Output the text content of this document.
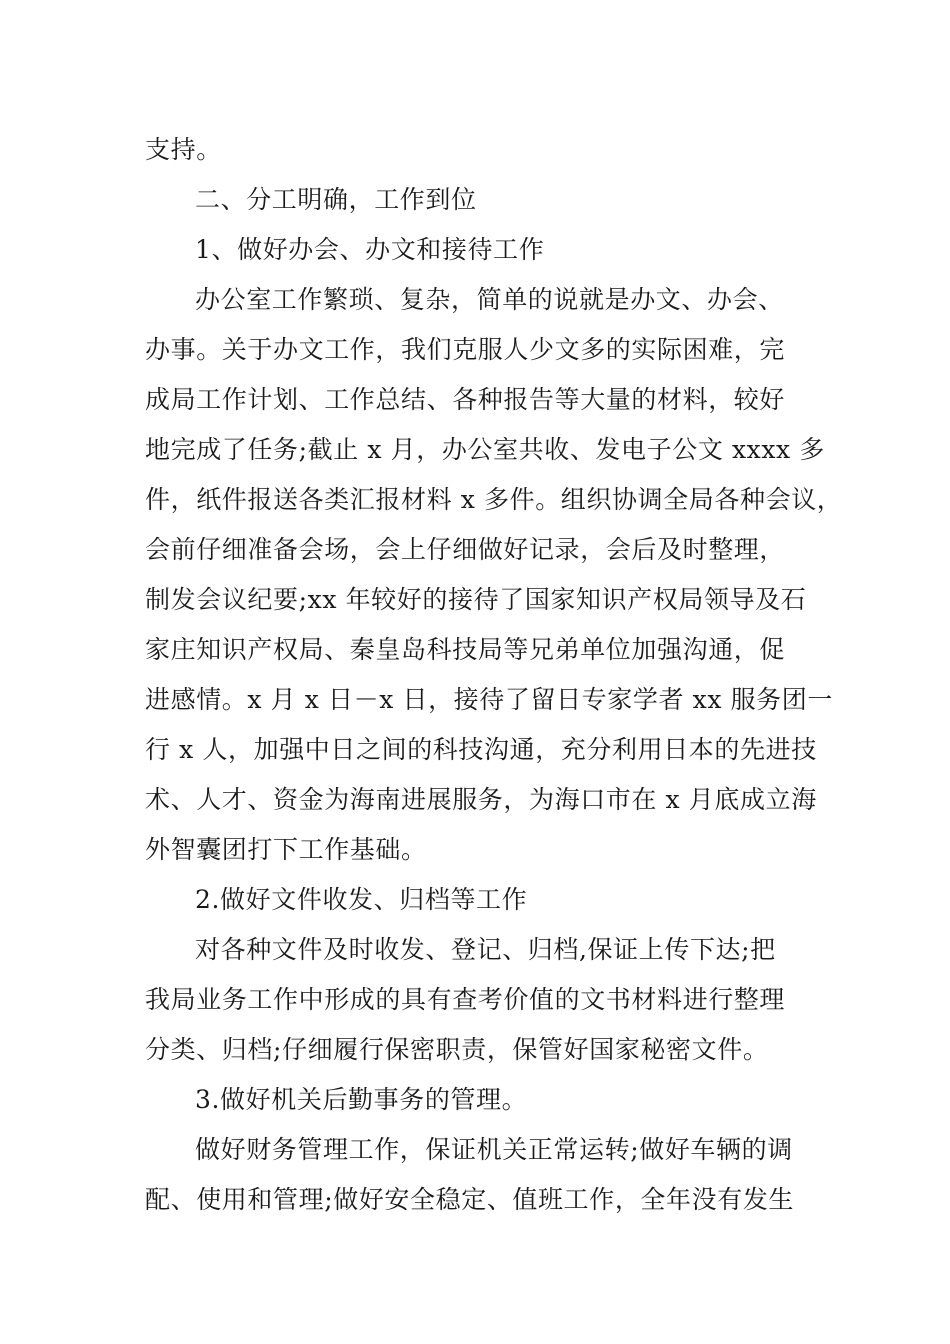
支持。
二、分工明确，工作到位
1、做好办会、办文和接待工作
办公室工作繁琐、复杂，简单的说就是办文、办会、
办事。关于办文工作，我们克服人少文多的实际困难，完
成局工作计划、工作总结、各种报告等大量的材料，较好
地完成了任务;截止 x 月，办公室共收、发电子公文 xxxx 多
件，纸件报送各类汇报材料 x 多件。组织协调全局各种会议，
会前仔细准备会场，会上仔细做好记录，会后及时整理，
制发会议纪要;xx 年较好的接待了国家知识产权局领导及石
家庄知识产权局、秦皇岛科技局等兄弟单位加强沟通，促
进感情。x 月 x 日－x 日，接待了留日专家学者 xx 服务团一
行 x 人，加强中日之间的科技沟通，充分利用日本的先进技
术、人才、资金为海南进展服务，为海口市在 x 月底成立海
外智囊团打下工作基础。
2.做好文件收发、归档等工作
对各种文件及时收发、登记、归档,保证上传下达;把
我局业务工作中形成的具有查考价值的文书材料进行整理
分类、归档;仔细履行保密职责，保管好国家秘密文件。
3.做好机关后勤事务的管理。
做好财务管理工作，保证机关正常运转;做好车辆的调
配、使用和管理;做好安全稳定、值班工作，全年没有发生
